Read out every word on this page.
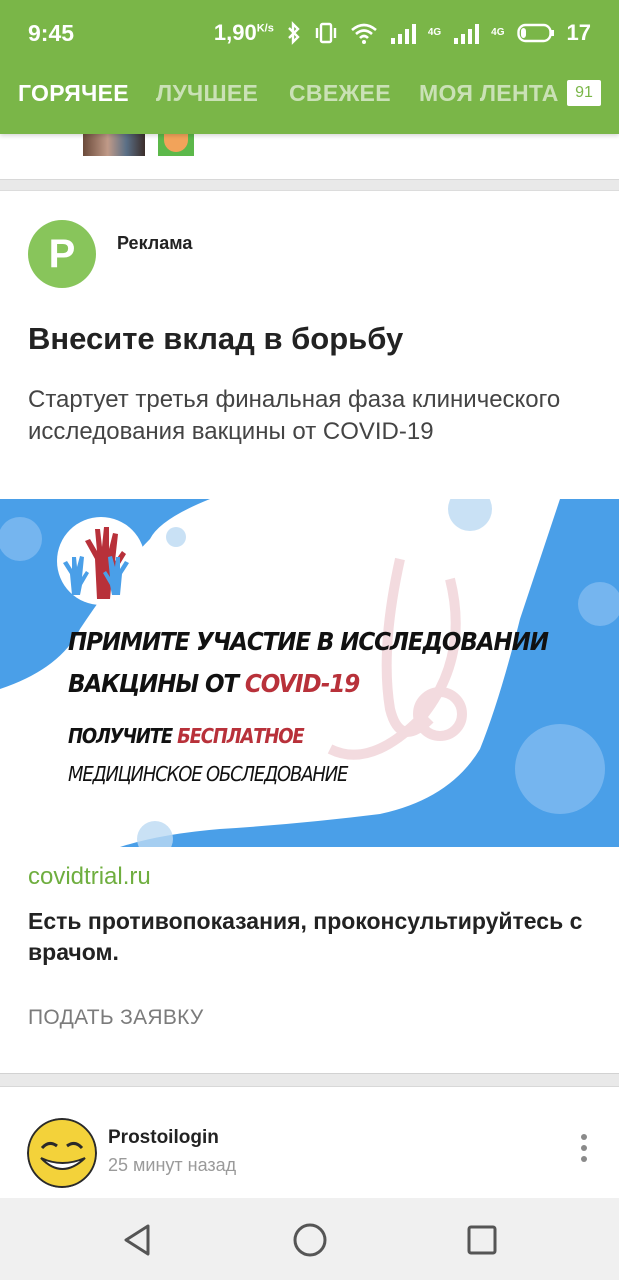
9:45	$1,90^{K/s}$	4G	4G	17
ГОРЯЧЕЕ ЛУЧШЕЕ СВЕЖЕЕ МОЯ ЛЕНТА	91
Р	Реклама
Внесите вклад в борьбу
Стартует третья финальная фаза клинического исследования вакцины от COVID-19
ПРИМИТЕ УЧАСТИЕ В ИССЛЕДОВАНИИ
ВАКЦИНЫ ОТ COVID-19
ПОЛУЧИТЕ БЕСПЛАТНОЕ
МЕДИЦИНСКОЕ ОБСЛЕДОВАНИЕ
covidtrial.ru
Есть противопоказания, проконсультируйтесь с врачом.
ПОДАТЬ ЗАЯВКУ
Prostoilogin
25 минут назад
